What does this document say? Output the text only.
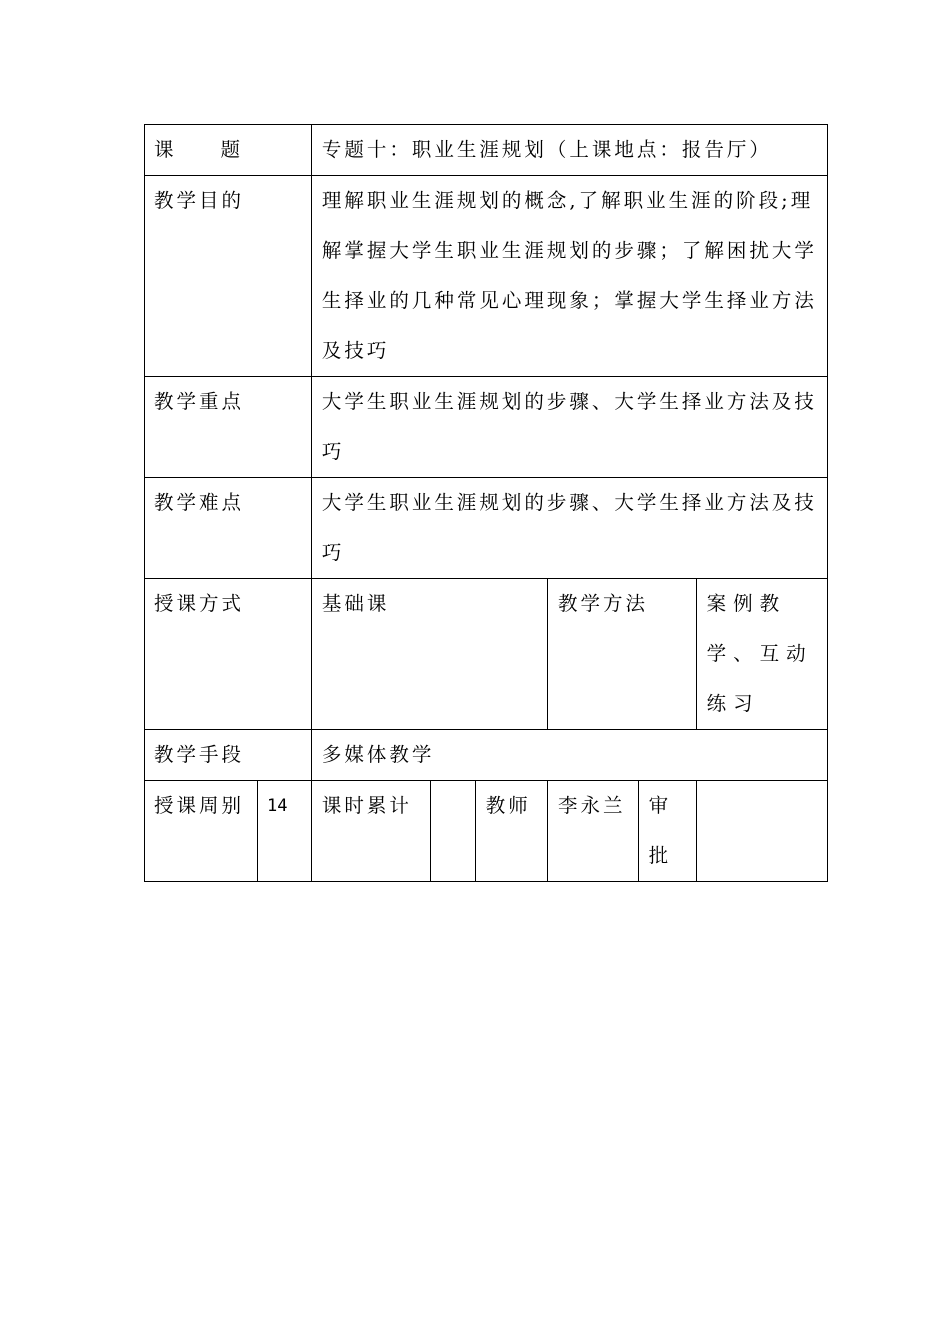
课 题		专题十：职业生涯规划（上课地点：报告厅）						
教学目的		理解职业生涯规划的概念,了解职业生涯的阶段;理解掌握大学生职业生涯规划的步骤；了解困扰大学生择业的几种常见心理现象；掌握大学生择业方法及技巧						
教学重点		大学生职业生涯规划的步骤、大学生择业方法及技巧						
教学难点		大学生职业生涯规划的步骤、大学生择业方法及技巧						
授课方式		基础课				教学方法		案例教学、互动练习
教学手段		多媒体教学						
授课周别	14	课时累计		教师		李永兰	审批	
